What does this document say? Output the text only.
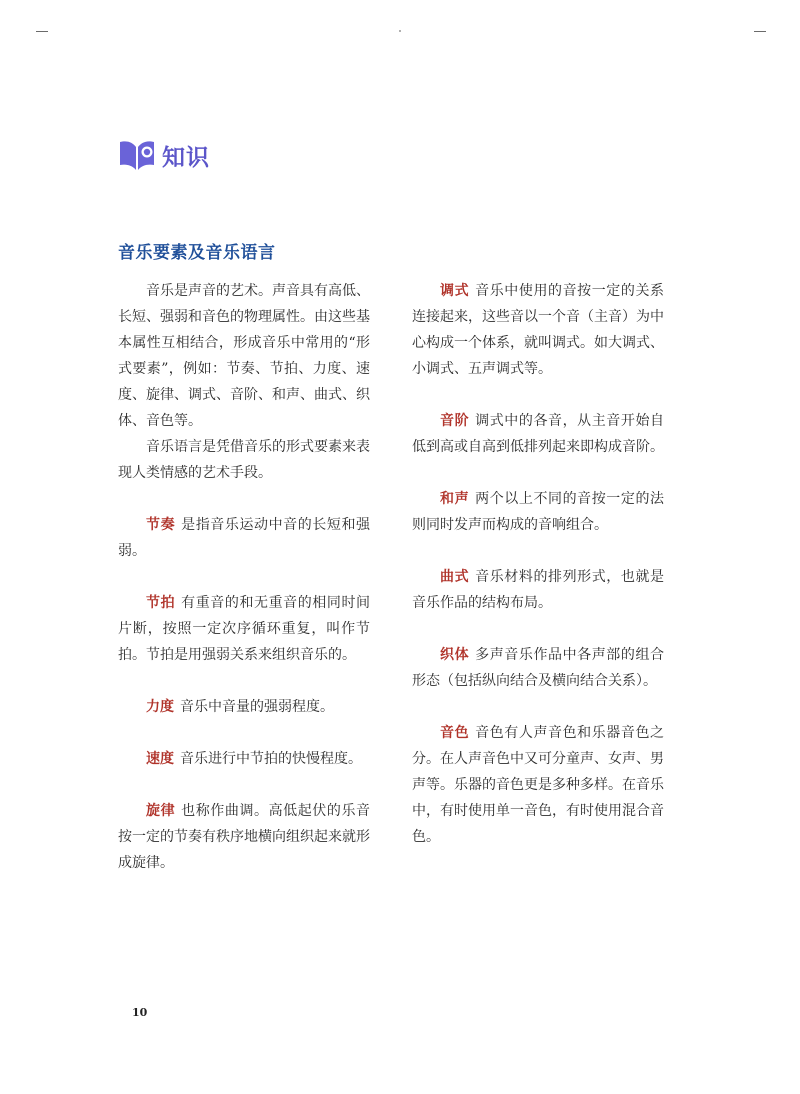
知识
音乐要素及音乐语言

音乐是声音的艺术。声音具有高低、长短、强弱和音色的物理属性。由这些基本属性互相结合，形成音乐中常用的“形式要素”，例如：节奏、节拍、力度、速度、旋律、调式、音阶、和声、曲式、织体、音色等。

音乐语言是凭借音乐的形式要素来表现人类情感的艺术手段。

节奏 是指音乐运动中音的长短和强弱。

节拍 有重音的和无重音的相同时间片断，按照一定次序循环重复，叫作节拍。节拍是用强弱关系来组织音乐的。

力度 音乐中音量的强弱程度。

速度 音乐进行中节拍的快慢程度。

旋律 也称作曲调。高低起伏的乐音按一定的节奏有秩序地横向组织起来就形成旋律。

调式 音乐中使用的音按一定的关系连接起来，这些音以一个音（主音）为中心构成一个体系，就叫调式。如大调式、小调式、五声调式等。

音阶 调式中的各音，从主音开始自低到高或自高到低排列起来即构成音阶。

和声 两个以上不同的音按一定的法则同时发声而构成的音响组合。

曲式 音乐材料的排列形式，也就是音乐作品的结构布局。

织体 多声音乐作品中各声部的组合形态（包括纵向结合及横向结合关系）。

音色 音色有人声音色和乐器音色之分。在人声音色中又可分童声、女声、男声等。乐器的音色更是多种多样。在音乐中，有时使用单一音色，有时使用混合音色。

10
